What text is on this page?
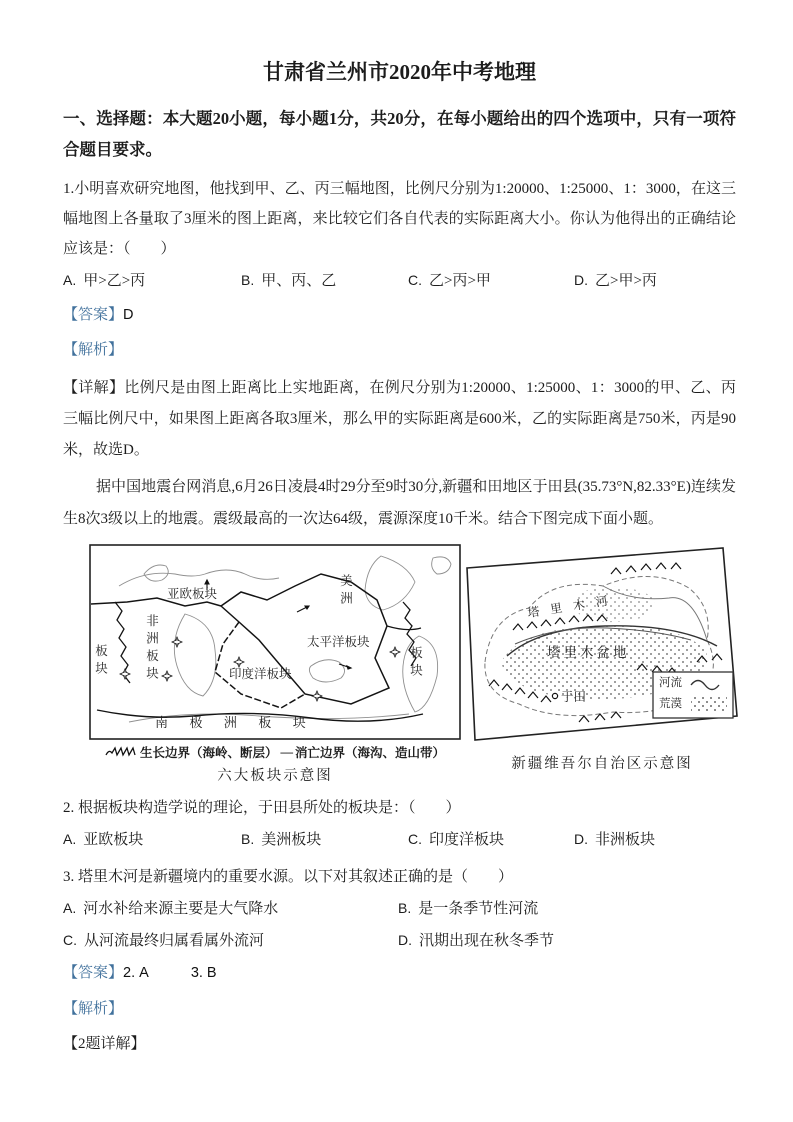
甘肃省兰州市2020年中考地理
一、选择题：本大题20小题，每小题1分，共20分，在每小题给出的四个选项中，只有一项符合题目要求。
1.小明喜欢研究地图，他找到甲、乙、丙三幅地图，比例尺分别为1:20000、1:25000、1：3000，在这三幅地图上各量取了3厘米的图上距离，来比较它们各自代表的实际距离大小。你认为他得出的正确结论应该是：（　　）
A. 甲>乙>丙	B. 甲、丙、乙	C. 乙>丙>甲	D. 乙>甲>丙
【答案】D
【解析】
【详解】比例尺是由图上距离比上实地距离，在例尺分别为1:20000、1:25000、1：3000的甲、乙、丙三幅比例尺中，如果图上距离各取3厘米，那么甲的实际距离是600米，乙的实际距离是750米，丙是90米，故选D。
据中国地震台网消息,6月26日凌晨4时29分至9时30分,新疆和田地区于田县(35.73°N,82.33°E)连续发生8次3级以上的地震。震级最高的一次达64级，震源深度10千米。结合下图完成下面小题。
亚欧板块
太平洋板块
印度洋板块
非洲板块
板块
美洲
板块
南极洲板块
生长边界（海岭、断层） — 消亡边界（海沟、造山带）
六大板块示意图
塔里木河
塔里木盆地
于田
河流
荒漠
新疆维吾尔自治区示意图
2. 根据板块构造学说的理论，于田县所处的板块是：（　　）
A. 亚欧板块	B. 美洲板块	C. 印度洋板块	D. 非洲板块
3. 塔里木河是新疆境内的重要水源。以下对其叙述正确的是（　　）
A. 河水补给来源主要是大气降水	B. 是一条季节性河流
C. 从河流最终归属看属外流河	D. 汛期出现在秋冬季节
【答案】2. A	3. B
【解析】
【2题详解】
